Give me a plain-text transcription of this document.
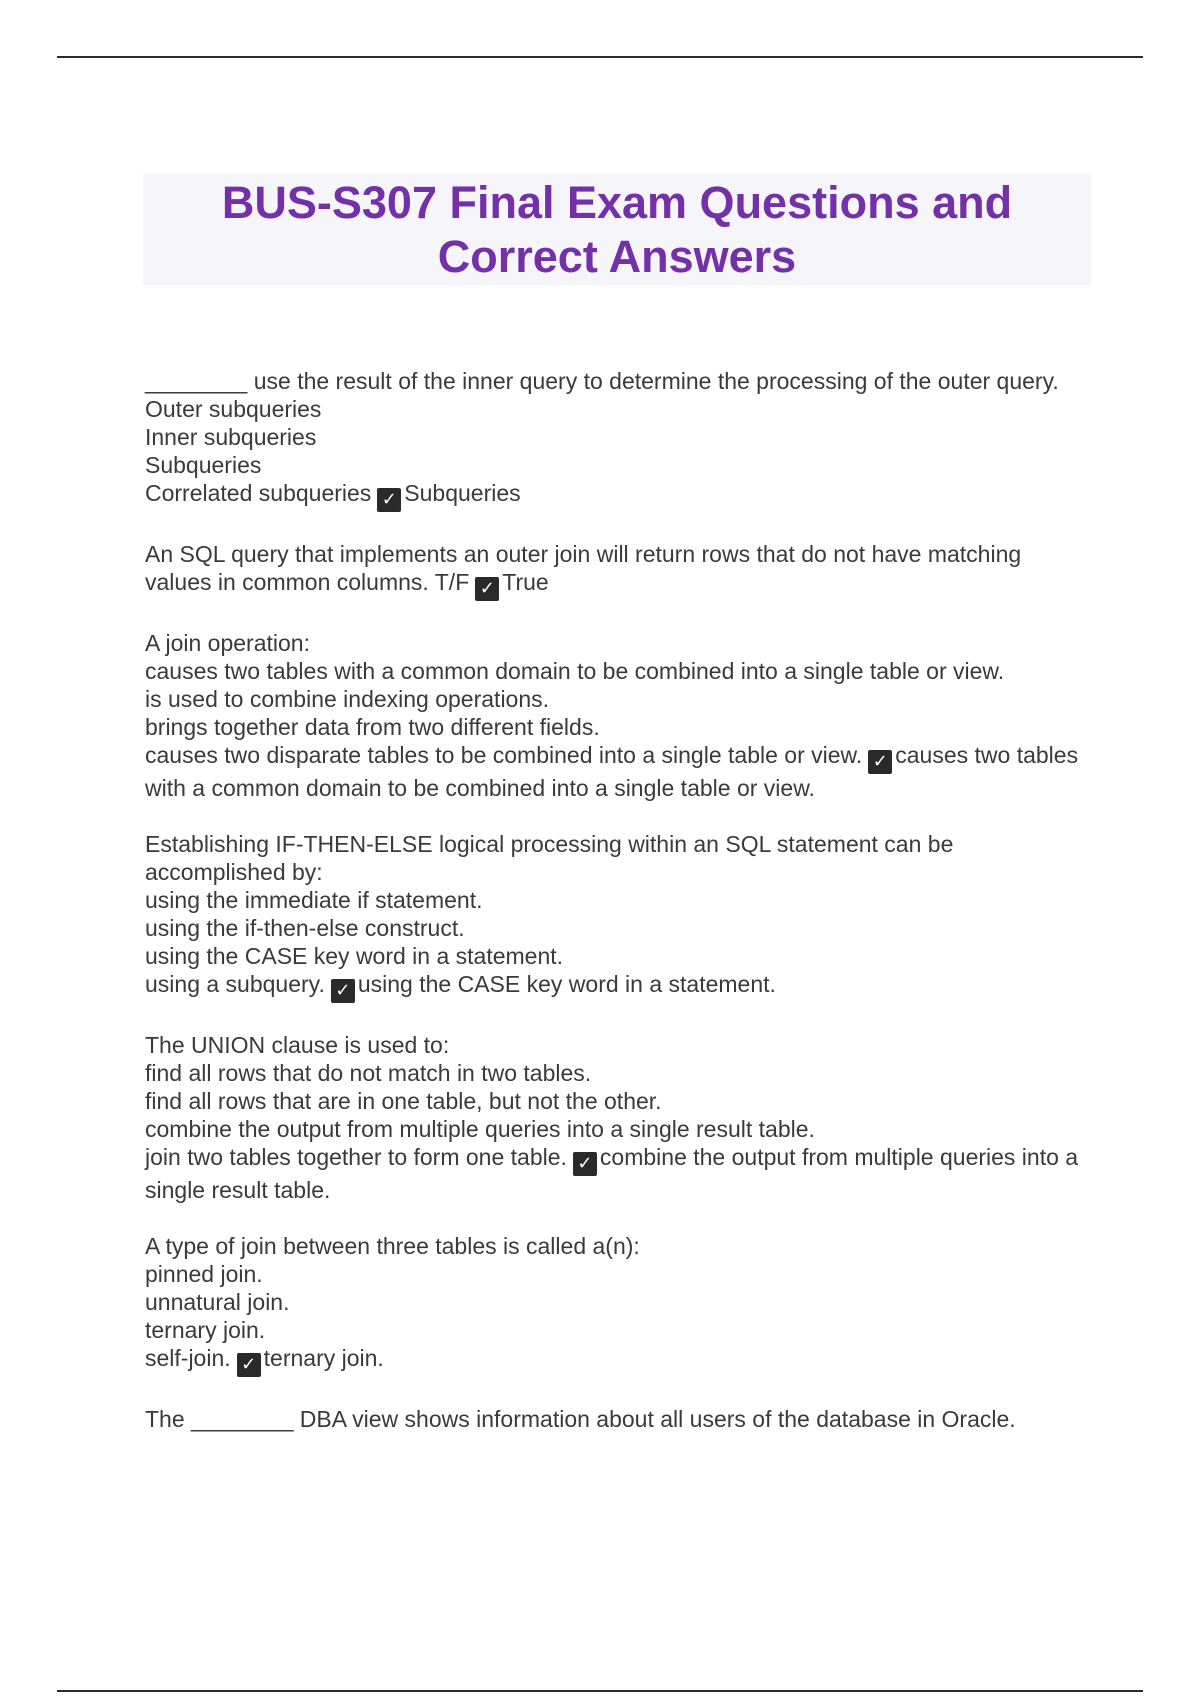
BUS-S307 Final Exam Questions and
Correct Answers
________ use the result of the inner query to determine the processing of the outer query.
Outer subqueries
Inner subqueries
Subqueries
Correlated subqueries ✓ Subqueries
An SQL query that implements an outer join will return rows that do not have matching values in common columns. T/F ✓ True
A join operation:
causes two tables with a common domain to be combined into a single table or view.
is used to combine indexing operations.
brings together data from two different fields.
causes two disparate tables to be combined into a single table or view. ✓ causes two tables with a common domain to be combined into a single table or view.
Establishing IF-THEN-ELSE logical processing within an SQL statement can be accomplished by:
using the immediate if statement.
using the if-then-else construct.
using the CASE key word in a statement.
using a subquery. ✓ using the CASE key word in a statement.
The UNION clause is used to:
find all rows that do not match in two tables.
find all rows that are in one table, but not the other.
combine the output from multiple queries into a single result table.
join two tables together to form one table. ✓ combine the output from multiple queries into a single result table.
A type of join between three tables is called a(n):
pinned join.
unnatural join.
ternary join.
self-join. ✓ ternary join.
The ________ DBA view shows information about all users of the database in Oracle.
